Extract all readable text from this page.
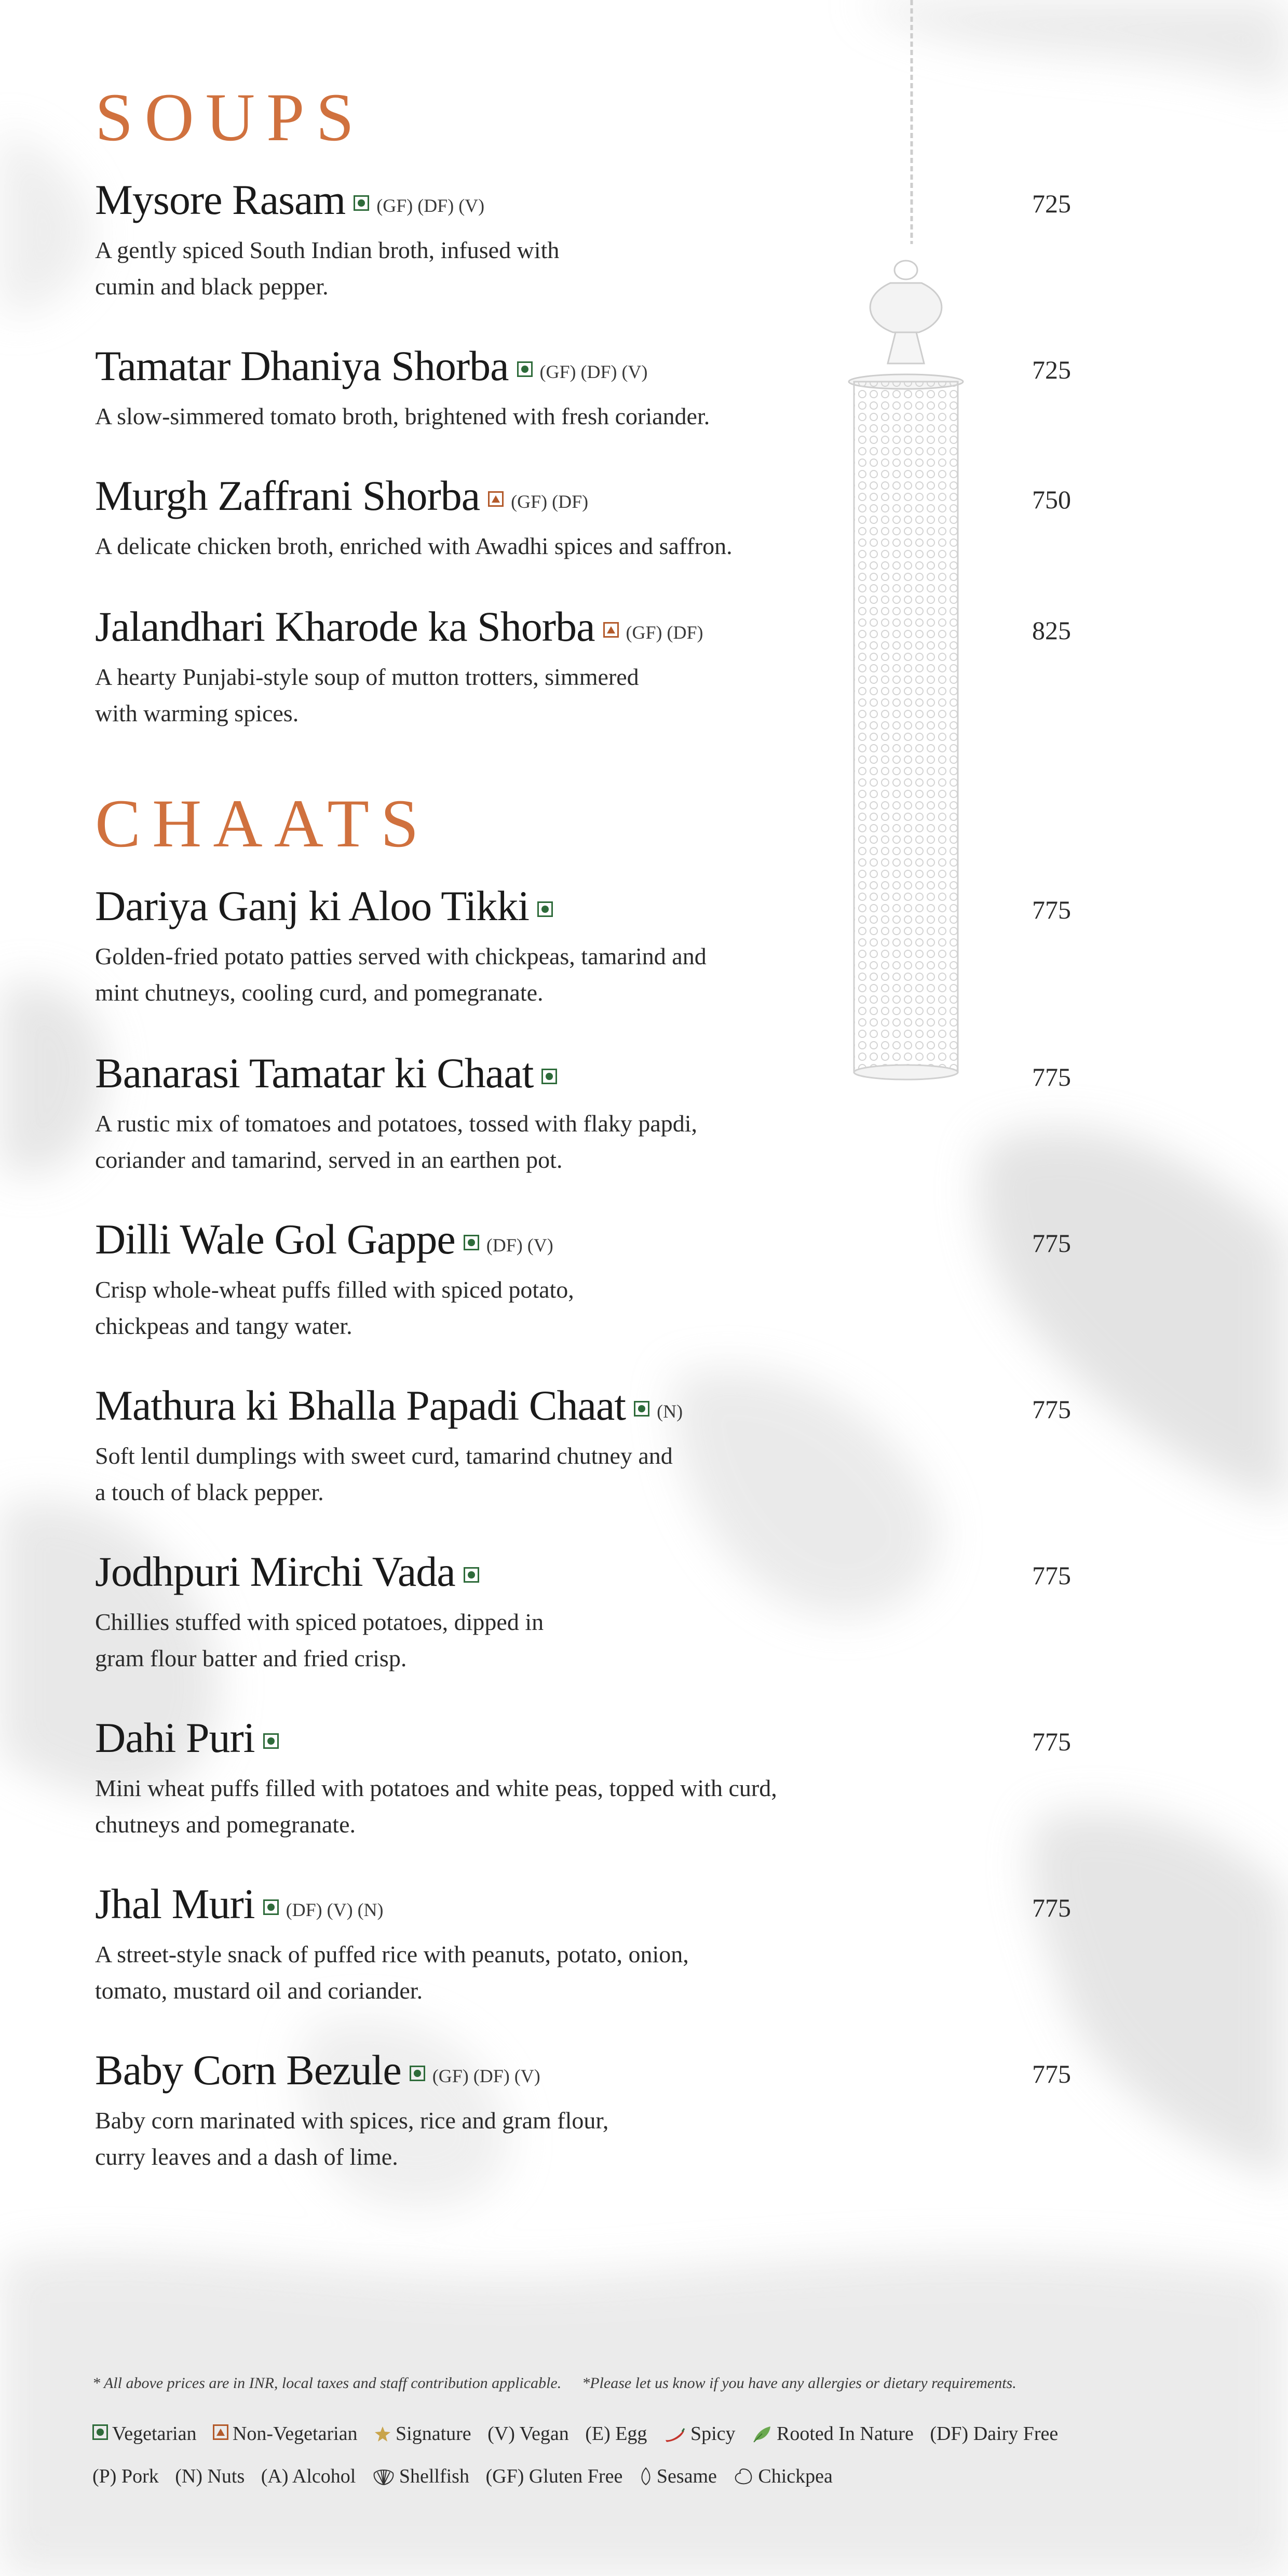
SOUPS
Mysore Rasam (GF) (DF) (V)	725

A gently spiced South Indian broth, infused with
cumin and black pepper.

Tamatar Dhaniya Shorba (GF) (DF) (V)	725

A slow-simmered tomato broth, brightened with fresh coriander.

Murgh Zaffrani Shorba (GF) (DF)	750

A delicate chicken broth, enriched with Awadhi spices and saffron.

Jalandhari Kharode ka Shorba (GF) (DF)	825

A hearty Punjabi-style soup of mutton trotters, simmered
with warming spices.

CHAATS
Dariya Ganj ki Aloo Tikki	775

Golden-fried potato patties served with chickpeas, tamarind and
mint chutneys, cooling curd, and pomegranate.

Banarasi Tamatar ki Chaat	775

A rustic mix of tomatoes and potatoes, tossed with flaky papdi,
coriander and tamarind, served in an earthen pot.

Dilli Wale Gol Gappe (DF) (V)	775

Crisp whole-wheat puffs filled with spiced potato,
chickpeas and tangy water.

Mathura ki Bhalla Papadi Chaat (N)	775

Soft lentil dumplings with sweet curd, tamarind chutney and
a touch of black pepper.

Jodhpuri Mirchi Vada	775

Chillies stuffed with spiced potatoes, dipped in
gram flour batter and fried crisp.

Dahi Puri	775

Mini wheat puffs filled with potatoes and white peas, topped with curd,
chutneys and pomegranate.

Jhal Muri (DF) (V) (N)	775

A street-style snack of puffed rice with peanuts, potato, onion,
tomato, mustard oil and coriander.

Baby Corn Bezule (GF) (DF) (V)	775

Baby corn marinated with spices, rice and gram flour,
curry leaves and a dash of lime.

* All above prices are in INR, local taxes and staff contribution applicable. *Please let us know if you have any allergies or dietary requirements.
Vegetarian Non-Vegetarian Signature (V) Vegan (E) Egg Spicy Rooted In Nature (DF) Dairy Free
(P) Pork (N) Nuts (A) Alcohol Shellfish (GF) Gluten Free Sesame Chickpea
